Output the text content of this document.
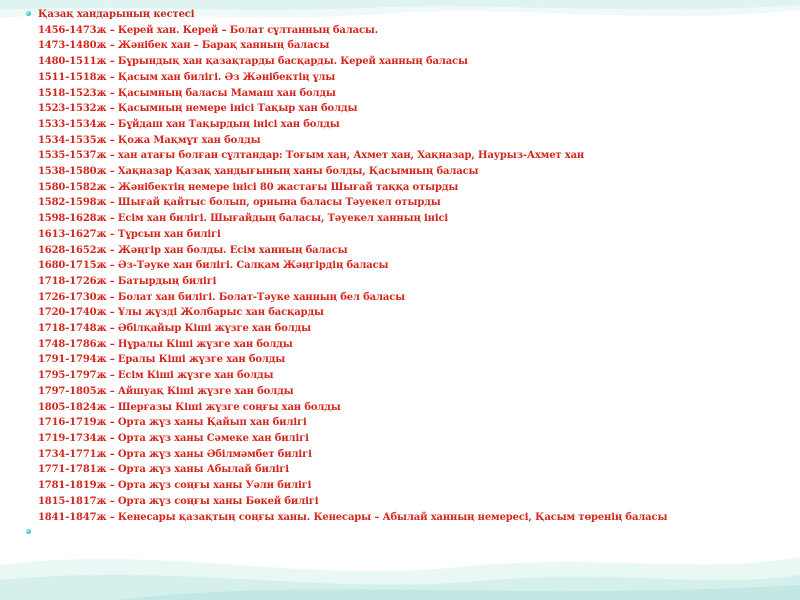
Қазақ хандарының кестесі
1456-1473ж – Керей хан. Керей – Болат сұлтанның баласы.
1473-1480ж – Жәнібек хан – Барақ ханның баласы
1480-1511ж – Бұрындық хан қазақтарды басқарды. Керей ханның баласы
1511-1518ж – Қасым хан билігі. Әз Жәнібектің ұлы
1518-1523ж – Қасымның баласы Мамаш хан болды
1523-1532ж – Қасымның немере інісі Тақыр хан болды
1533-1534ж – Бұйдаш хан Тақырдың інісі хан болды
1534-1535ж – Қожа Мақмұт хан болды
1535-1537ж – хан атағы болған сұлтандар: Тоғым хан, Ахмет хан, Хақназар, Наурыз-Ахмет хан
1538-1580ж – Хақназар Қазақ хандығының ханы болды, Қасымның баласы
1580-1582ж – Жәнібектің немере інісі 80 жастағы Шығай таққа отырды
1582-1598ж – Шығай қайтыс болып, орнына баласы Тәуекел отырды
1598-1628ж – Есім хан билігі. Шығайдың баласы, Тәуекел ханның інісі
1613-1627ж – Тұрсын хан билігі
1628-1652ж – Жәңгір хан болды. Есім ханның баласы
1680-1715ж – Әз-Тәуке хан билігі. Салқам Жәңгірдің баласы
1718-1726ж – Батырдың билігі
1726-1730ж – Болат хан билігі. Болат-Тәуке ханның бел баласы
1720-1740ж – Ұлы жүзді Жолбарыс хан басқарды
1718-1748ж – Әбілқайыр Кіші жүзге хан болды
1748-1786ж – Нұралы Кіші жүзге хан болды
1791-1794ж – Ералы Кіші жүзге хан болды
1795-1797ж – Есім Кіші жүзге хан болды
1797-1805ж – Айшуақ Кіші жүзге хан болды
1805-1824ж – Шерғазы Кіші жүзге соңғы хан болды
1716-1719ж – Орта жүз ханы Қайып хан билігі
1719-1734ж – Орта жүз ханы Сәмеке хан билігі
1734-1771ж – Орта жүз ханы Әбілмәмбет билігі
1771-1781ж – Орта жүз ханы Абылай билігі
1781-1819ж – Орта жүз соңғы ханы Уәли билігі
1815-1817ж – Орта жүз соңғы ханы Бөкей билігі
1841-1847ж – Кенесары қазақтың соңғы ханы. Кенесары – Абылай ханның немересі, Қасым төренің баласы
